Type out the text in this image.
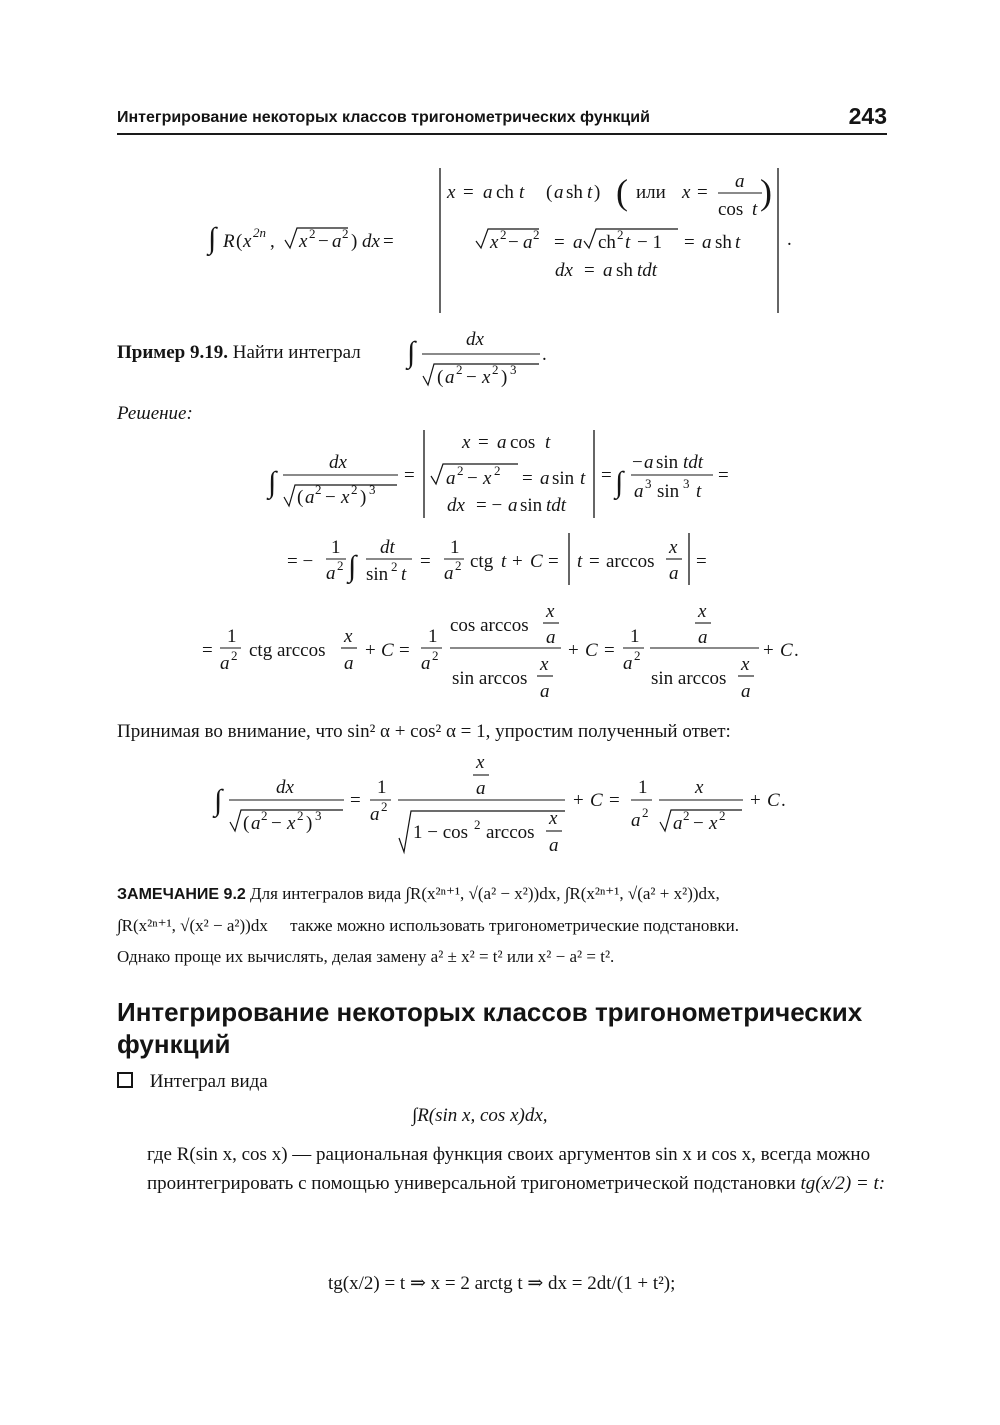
Интегрирование некоторых классов тригонометрических функций	243
∫ R ( x 2n , x 2 − a 2 ) dx =
x = a ch t ( a sh t ) ( или x =
a
cos t )
x 2 − a 2 = a ch 2 t − 1 = a sh t
dx = a sh tdt
.
Пример 9.19. Найти интеграл ∫	dx
( a 2 − x 2 ) 3
.
Решение:
∫
dx
( a 2 − x 2 ) 3
=
x = a cos t
a 2 − x 2 = a sin t
dx = − a sin tdt
= ∫
− a sin tdt
a 3 sin 3 t
=
= −
1
a 2 ∫
dt
sin 2 t
=
1
a 2 ctg t + C = t = arccos
x
a
=
=
1
a 2 ctg arccos
x
a
+ C =
1
a 2
cos arccos
x
a
sin arccos
x
a
+ C =
1
a 2
x
a
sin arccos
x
a
+ C .
Принимая во внимание, что sin² α + cos² α = 1, упростим полученный ответ:
∫	dx
( a 2 − x 2 ) 3
=
1
a 2
x
a
1 − cos 2 arccos
x
a
+ C =
1
a 2
x
a 2 − x 2
+ C .
ЗАМЕЧАНИЕ 9.2 Для интегралов вида ∫R(x²ⁿ⁺¹, √(a² − x²))dx, ∫R(x²ⁿ⁺¹, √(a² + x²))dx,
∫R(x²ⁿ⁺¹, √(x² − a²))dx также можно использовать тригонометрические подстановки.
Однако проще их вычислять, делая замену a² ± x² = t² или x² − a² = t².
Интегрирование некоторых классов тригонометрических функций
Интеграл вида
∫R(sin x, cos x)dx,
где R(sin x, cos x) — рациональная функция своих аргументов sin x и cos x, всегда можно проинтегрировать с помощью универсальной тригонометрической подстановки tg(x/2) = t:
tg(x/2) = t ⇒ x = 2 arctg t ⇒ dx = 2dt/(1 + t²);
